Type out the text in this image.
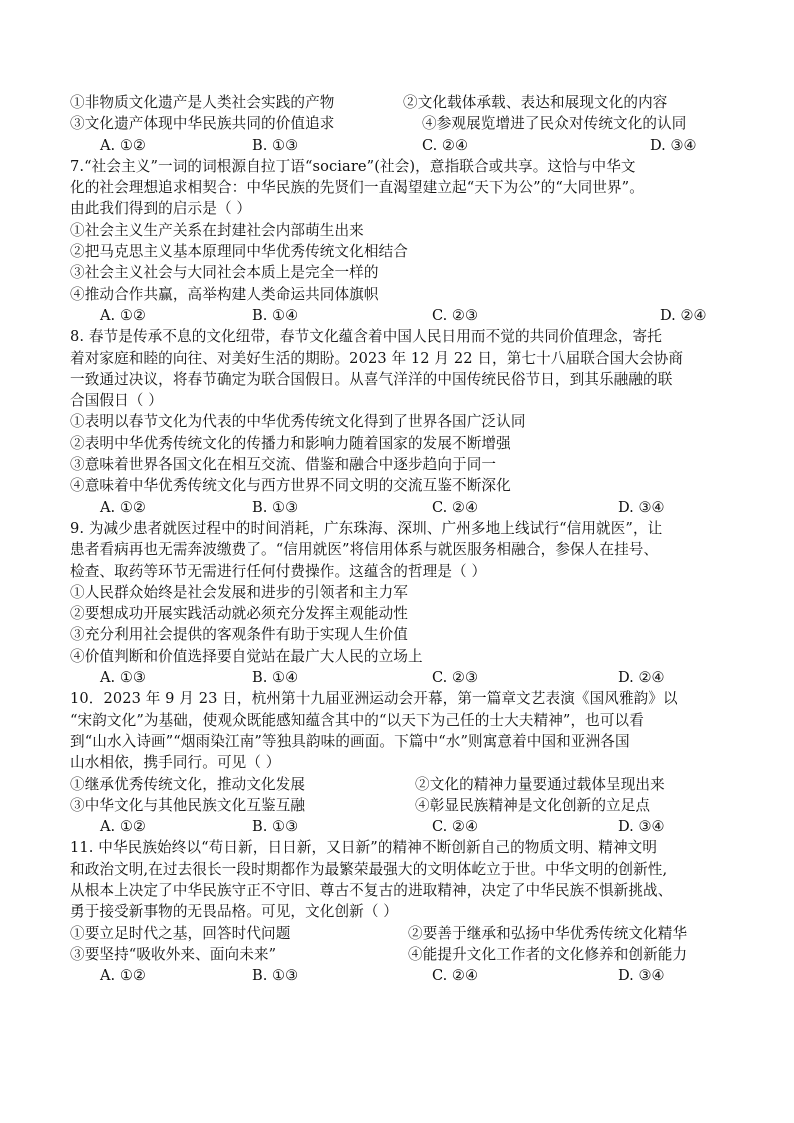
①非物质文化遗产是人类社会实践的产物	②文化载体承载、表达和展现文化的内容
③文化遗产体现中华民族共同的价值追求	④参观展览增进了民众对传统文化的认同
A. ①②	B. ①③	C. ②④	D. ③④
7.“社会主义”一词的词根源自拉丁语“sociare”(社会)，意指联合或共享。这恰与中华文
化的社会理想追求相契合：中华民族的先贤们一直渴望建立起“天下为公”的“大同世界”。
由此我们得到的启示是（ ）
①社会主义生产关系在封建社会内部萌生出来
②把马克思主义基本原理同中华优秀传统文化相结合
③社会主义社会与大同社会本质上是完全一样的
④推动合作共赢，高举构建人类命运共同体旗帜
A. ①②	B. ①④	C. ②③	D. ②④
8. 春节是传承不息的文化纽带，春节文化蕴含着中国人民日用而不觉的共同价值理念，寄托
着对家庭和睦的向往、对美好生活的期盼。2023 年 12 月 22 日，第七十八届联合国大会协商
一致通过决议，将春节确定为联合国假日。从喜气洋洋的中国传统民俗节日，到其乐融融的联
合国假日（ ）
①表明以春节文化为代表的中华优秀传统文化得到了世界各国广泛认同
②表明中华优秀传统文化的传播力和影响力随着国家的发展不断增强
③意味着世界各国文化在相互交流、借鉴和融合中逐步趋向于同一
④意味着中华优秀传统文化与西方世界不同文明的交流互鉴不断深化
A. ①②	B. ①③	C. ②④	D. ③④
9. 为减少患者就医过程中的时间消耗，广东珠海、深圳、广州多地上线试行“信用就医”，让
患者看病再也无需奔波缴费了。“信用就医”将信用体系与就医服务相融合，参保人在挂号、
检查、取药等环节无需进行任何付费操作。这蕴含的哲理是（ ）
①人民群众始终是社会发展和进步的引领者和主力军
②要想成功开展实践活动就必须充分发挥主观能动性
③充分利用社会提供的客观条件有助于实现人生价值
④价值判断和价值选择要自觉站在最广大人民的立场上
A. ①③	B. ①④	C. ②③	D. ②④
10．2023 年 9 月 23 日，杭州第十九届亚洲运动会开幕，第一篇章文艺表演《国风雅韵》以
“宋韵文化”为基础，使观众既能感知蕴含其中的“以天下为己任的士大夫精神”，也可以看
到“山水入诗画”“烟雨染江南”等独具韵味的画面。下篇中“水”则寓意着中国和亚洲各国
山水相依，携手同行。可见（ ）
①继承优秀传统文化，推动文化发展	②文化的精神力量要通过载体呈现出来
③中华文化与其他民族文化互鉴互融	④彰显民族精神是文化创新的立足点
A. ①②	B. ①③	C. ②④	D. ③④
11. 中华民族始终以“苟日新，日日新，又日新”的精神不断创新自己的物质文明、精神文明
和政治文明,在过去很长一段时期都作为最繁荣最强大的文明体屹立于世。中华文明的创新性,
从根本上决定了中华民族守正不守旧、尊古不复古的进取精神，决定了中华民族不惧新挑战、
勇于接受新事物的无畏品格。可见，文化创新（ ）
①要立足时代之基，回答时代问题	②要善于继承和弘扬中华优秀传统文化精华
③要坚持“吸收外来、面向未来”	④能提升文化工作者的文化修养和创新能力
A. ①②	B. ①③	C. ②④	D. ③④
